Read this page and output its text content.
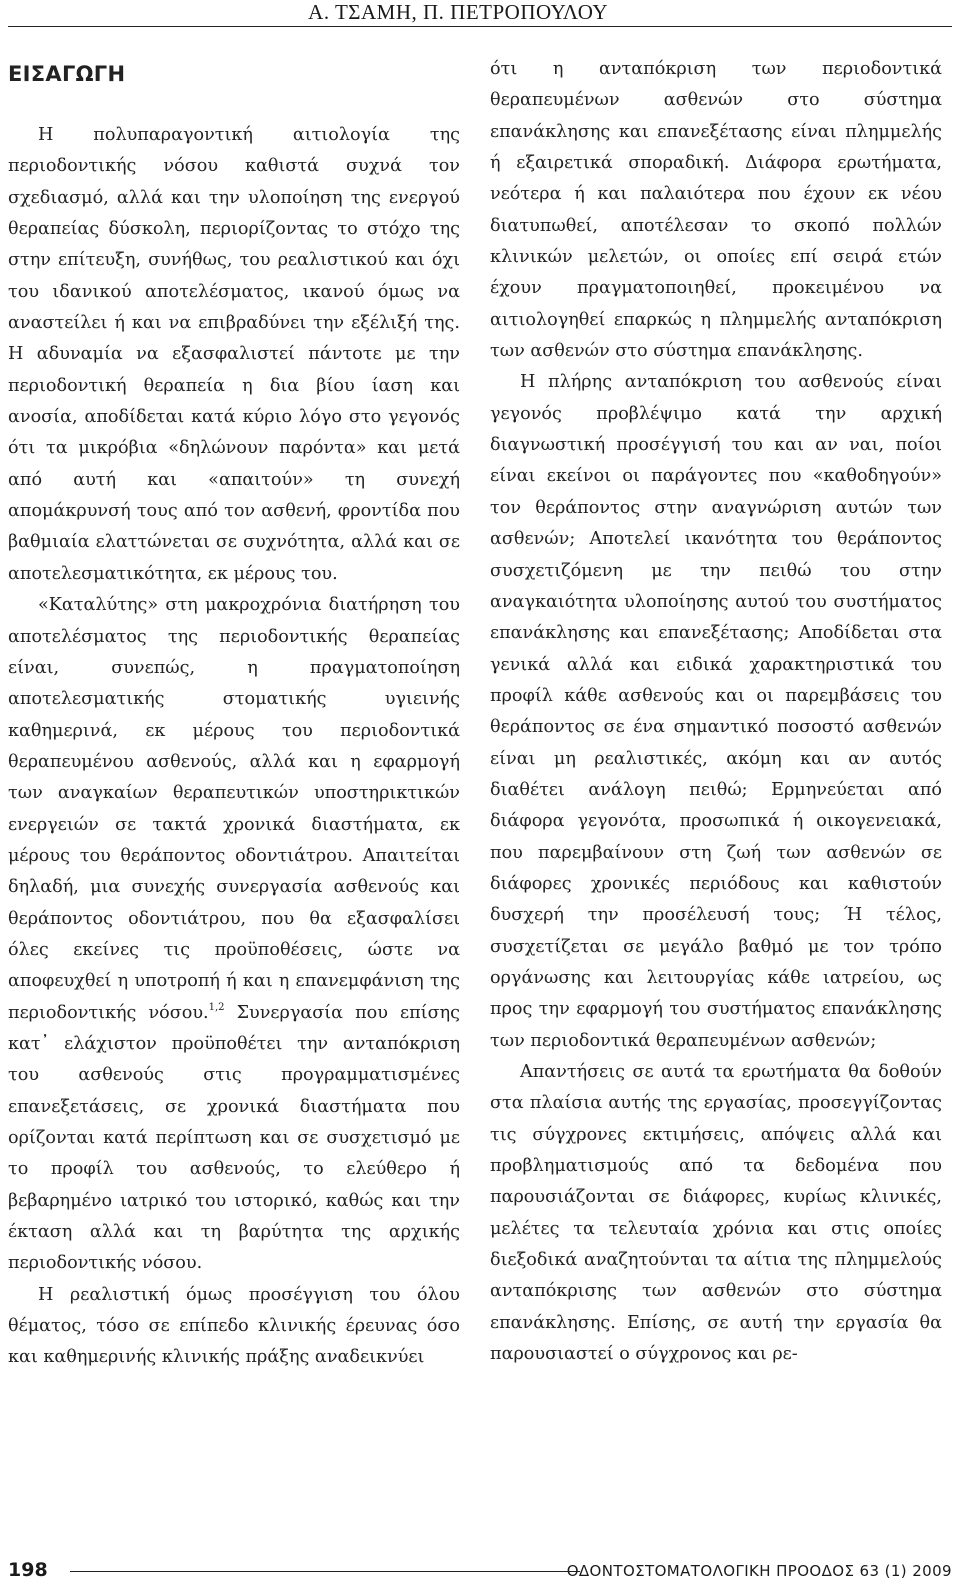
Α. ΤΣΑΜΗ, Π. ΠΕΤΡΟΠΟΥΛΟΥ
ΕΙΣΑΓΩΓΗ

Η πολυπαραγοντική αιτιολογία της περιοδοντικής νόσου καθιστά συχνά τον σχεδιασμό, αλλά και την υλοποίηση της ενεργού θεραπείας δύσκολη, περιορίζοντας το στόχο της στην επίτευξη, συνήθως, του ρεαλιστικού και όχι του ιδανικού αποτελέσματος, ικανού όμως να αναστείλει ή και να επιβραδύνει την εξέλιξή της. Η αδυναμία να εξασφαλιστεί πάντοτε με την περιοδοντική θεραπεία η δια βίου ίαση και ανοσία, αποδίδεται κατά κύριο λόγο στο γεγονός ότι τα μικρόβια «δηλώνουν παρόντα» και μετά από αυτή και «απαιτούν» τη συνεχή απομάκρυνσή τους από τον ασθενή, φροντίδα που βαθμιαία ελαττώνεται σε συχνότητα, αλλά και σε αποτελεσματικότητα, εκ μέρους του.

«Καταλύτης» στη μακροχρόνια διατήρηση του αποτελέσματος της περιοδοντικής θεραπείας είναι, συνεπώς, η πραγματοποίηση αποτελεσματικής στοματικής υγιεινής καθημερινά, εκ μέρους του περιοδοντικά θεραπευμένου ασθενούς, αλλά και η εφαρμογή των αναγκαίων θεραπευτικών υποστηρικτικών ενεργειών σε τακτά χρονικά διαστήματα, εκ μέρους του θεράποντος οδοντιάτρου. Απαιτείται δηλαδή, μια συνεχής συνεργασία ασθενούς και θεράποντος οδοντιάτρου, που θα εξασφαλίσει όλες εκείνες τις προϋποθέσεις, ώστε να αποφευχθεί η υποτροπή ή και η επανεμφάνιση της περιοδοντικής νόσου.$^{1,2}$ Συνεργασία που επίσης κατ᾽ ελάχιστον προϋποθέτει την ανταπόκριση του ασθενούς στις προγραμματισμένες επανεξετάσεις, σε χρονικά διαστήματα που ορίζονται κατά περίπτωση και σε συσχετισμό με το προφίλ του ασθενούς, το ελεύθερο ή βεβαρημένο ιατρικό του ιστορικό, καθώς και την έκταση αλλά και τη βαρύτητα της αρχικής περιοδοντικής νόσου.

Η ρεαλιστική όμως προσέγγιση του όλου θέματος, τόσο σε επίπεδο κλινικής έρευνας όσο και καθημερινής κλινικής πράξης αναδεικνύει

ότι η ανταπόκριση των περιοδοντικά θεραπευμένων ασθενών στο σύστημα επανάκλησης και επανεξέτασης είναι πλημμελής ή εξαιρετικά σποραδική. Διάφορα ερωτήματα, νεότερα ή και παλαιότερα που έχουν εκ νέου διατυπωθεί, αποτέλεσαν το σκοπό πολλών κλινικών μελετών, οι οποίες επί σειρά ετών έχουν πραγματοποιηθεί, προκειμένου να αιτιολογηθεί επαρκώς η πλημμελής ανταπόκριση των ασθενών στο σύστημα επανάκλησης.

Η πλήρης ανταπόκριση του ασθενούς είναι γεγονός προβλέψιμο κατά την αρχική διαγνωστική προσέγγισή του και αν ναι, ποίοι είναι εκείνοι οι παράγοντες που «καθοδηγούν» τον θεράποντος στην αναγνώριση αυτών των ασθενών; Αποτελεί ικανότητα του θεράποντος συσχετιζόμενη με την πειθώ του στην αναγκαιότητα υλοποίησης αυτού του συστήματος επανάκλησης και επανεξέτασης; Αποδίδεται στα γενικά αλλά και ειδικά χαρακτηριστικά του προφίλ κάθε ασθενούς και οι παρεμβάσεις του θεράποντος σε ένα σημαντικό ποσοστό ασθενών είναι μη ρεαλιστικές, ακόμη και αν αυτός διαθέτει ανάλογη πειθώ; Ερμηνεύεται από διάφορα γεγονότα, προσωπικά ή οικογενειακά, που παρεμβαίνουν στη ζωή των ασθενών σε διάφορες χρονικές περιόδους και καθιστούν δυσχερή την προσέλευσή τους; Ή τέλος, συσχετίζεται σε μεγάλο βαθμό με τον τρόπο οργάνωσης και λειτουργίας κάθε ιατρείου, ως προς την εφαρμογή του συστήματος επανάκλησης των περιοδοντικά θεραπευμένων ασθενών;

Απαντήσεις σε αυτά τα ερωτήματα θα δοθούν στα πλαίσια αυτής της εργασίας, προσεγγίζοντας τις σύγχρονες εκτιμήσεις, απόψεις αλλά και προβληματισμούς από τα δεδομένα που παρουσιάζονται σε διάφορες, κυρίως κλινικές, μελέτες τα τελευταία χρόνια και στις οποίες διεξοδικά αναζητούνται τα αίτια της πλημμελούς ανταπόκρισης των ασθενών στο σύστημα επανάκλησης. Επίσης, σε αυτή την εργασία θα παρουσιαστεί ο σύγχρονος και ρε-

198	ΟΔΟΝΤΟΣΤΟΜΑΤΟΛΟΓΙΚΗ ΠΡΟΟΔΟΣ 63 (1) 2009
